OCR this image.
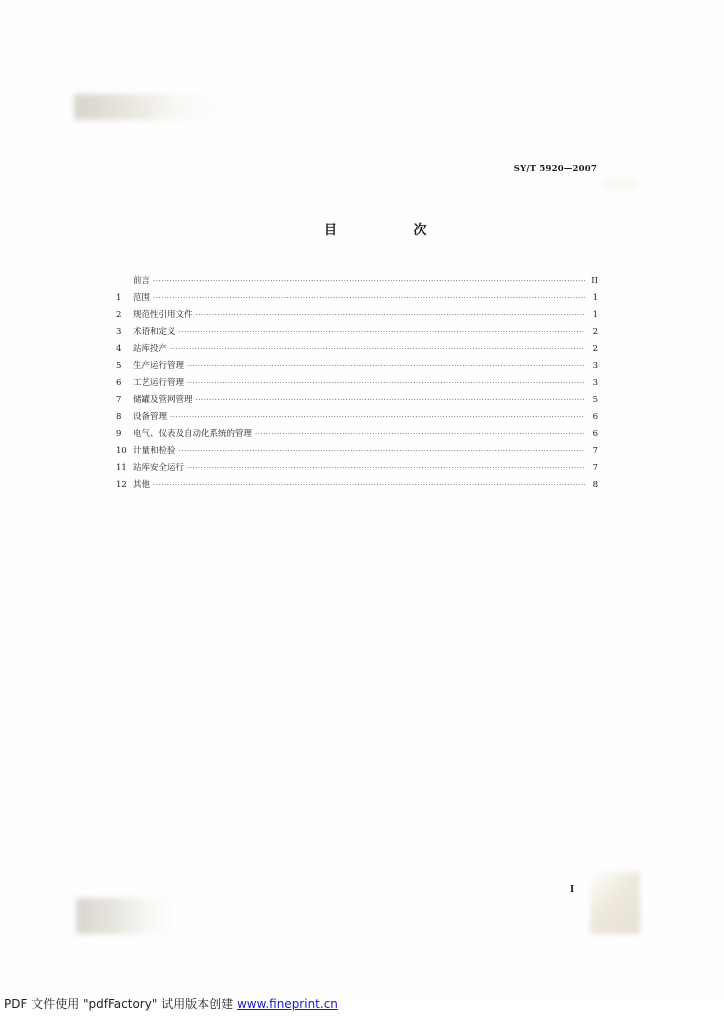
SY/T 5920—2007
目 次
前言 ·····	II
1	范围 ·····	1
2	规范性引用文件 ·····	1
3	术语和定义 ·····	2
4	站库投产 ·····	2
5	生产运行管理 ·····	3
6	工艺运行管理 ·····	3
7	储罐及管网管理 ·····	5
8	设备管理 ·····	6
9	电气、仪表及自动化系统的管理 ·····	6
10 计量和检验 ·····	7
11 站库安全运行 ·····	7
12 其他 ·····	8
I
PDF 文件使用 "pdfFactory" 试用版本创建 www.fineprint.cn
